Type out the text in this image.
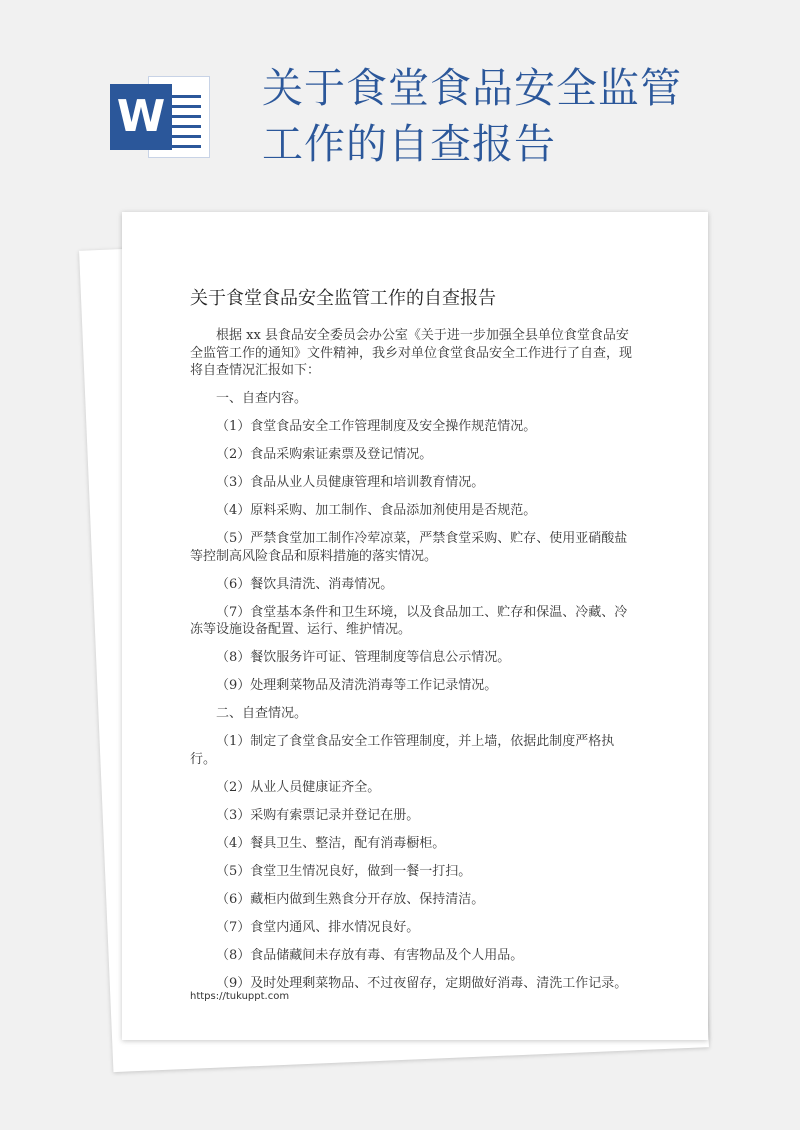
W
关于食堂食品安全监管
工作的自查报告
关于食堂食品安全监管工作的自查报告

根据 xx 县食品安全委员会办公室《关于进一步加强全县单位食堂食品安全监管工作的通知》文件精神，我乡对单位食堂食品安全工作进行了自查，现将自查情况汇报如下：

一、自查内容。

（1）食堂食品安全工作管理制度及安全操作规范情况。

（2）食品采购索证索票及登记情况。

（3）食品从业人员健康管理和培训教育情况。

（4）原料采购、加工制作、食品添加剂使用是否规范。

（5）严禁食堂加工制作冷荤凉菜，严禁食堂采购、贮存、使用亚硝酸盐等控制高风险食品和原料措施的落实情况。

（6）餐饮具清洗、消毒情况。

（7）食堂基本条件和卫生环境，以及食品加工、贮存和保温、冷藏、冷冻等设施设备配置、运行、维护情况。

（8）餐饮服务许可证、管理制度等信息公示情况。

（9）处理剩菜物品及清洗消毒等工作记录情况。

二、自查情况。

（1）制定了食堂食品安全工作管理制度，并上墙，依据此制度严格执行。

（2）从业人员健康证齐全。

（3）采购有索票记录并登记在册。

（4）餐具卫生、整洁，配有消毒橱柜。

（5）食堂卫生情况良好，做到一餐一打扫。

（6）藏柜内做到生熟食分开存放、保持清洁。

（7）食堂内通风、排水情况良好。

（8）食品储藏间未存放有毒、有害物品及个人用品。

（9）及时处理剩菜物品、不过夜留存，定期做好消毒、清洗工作记录。

https://tukuppt.com
